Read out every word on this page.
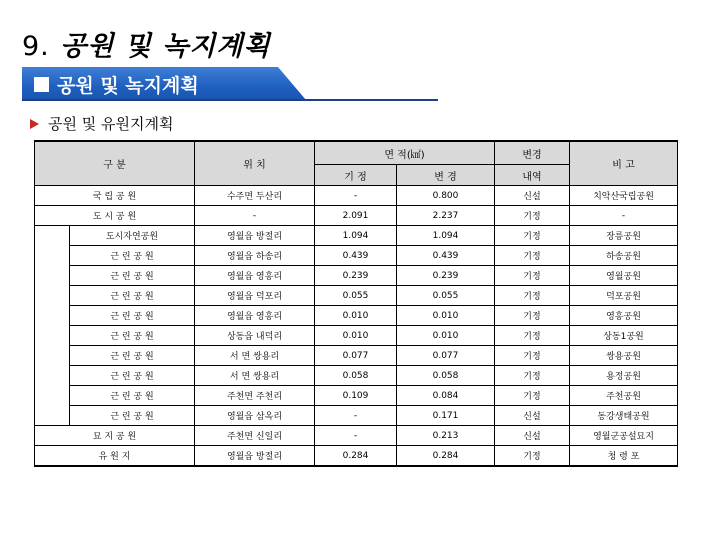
9. 공원 및 녹지계획
공원 및 녹지계획
공원 및 유원지계획
구 분		위 치	면 적(㎢)		변경	비 고
			기 정	변 경	내역	
국 립 공 원		수주면 두산리	-	0.800	신설	치악산국립공원
도 시 공 원		-	2.091	2.237	기정	-
	도시자연공원	영월읍 방절리	1.094	1.094	기정	장릉공원
	근 린 공 원	영월읍 하송리	0.439	0.439	기정	하송공원
	근 린 공 원	영월읍 영흥리	0.239	0.239	기정	영월공원
	근 린 공 원	영월읍 덕포리	0.055	0.055	기정	덕포공원
	근 린 공 원	영월읍 영흥리	0.010	0.010	기정	영흥공원
	근 린 공 원	상동읍 내덕리	0.010	0.010	기정	상동1공원
	근 린 공 원	서 면 쌍용리	0.077	0.077	기정	쌍용공원
	근 린 공 원	서 면 쌍용리	0.058	0.058	기정	용정공원
	근 린 공 원	주천면 주천리	0.109	0.084	기정	주천공원
	근 린 공 원	영월읍 삼옥리	-	0.171	신설	동강생태공원
묘 지 공 원		주천면 신일리	-	0.213	신설	영월군공설묘지
유 원 지		영월읍 방절리	0.284	0.284	기정	청 령 포
